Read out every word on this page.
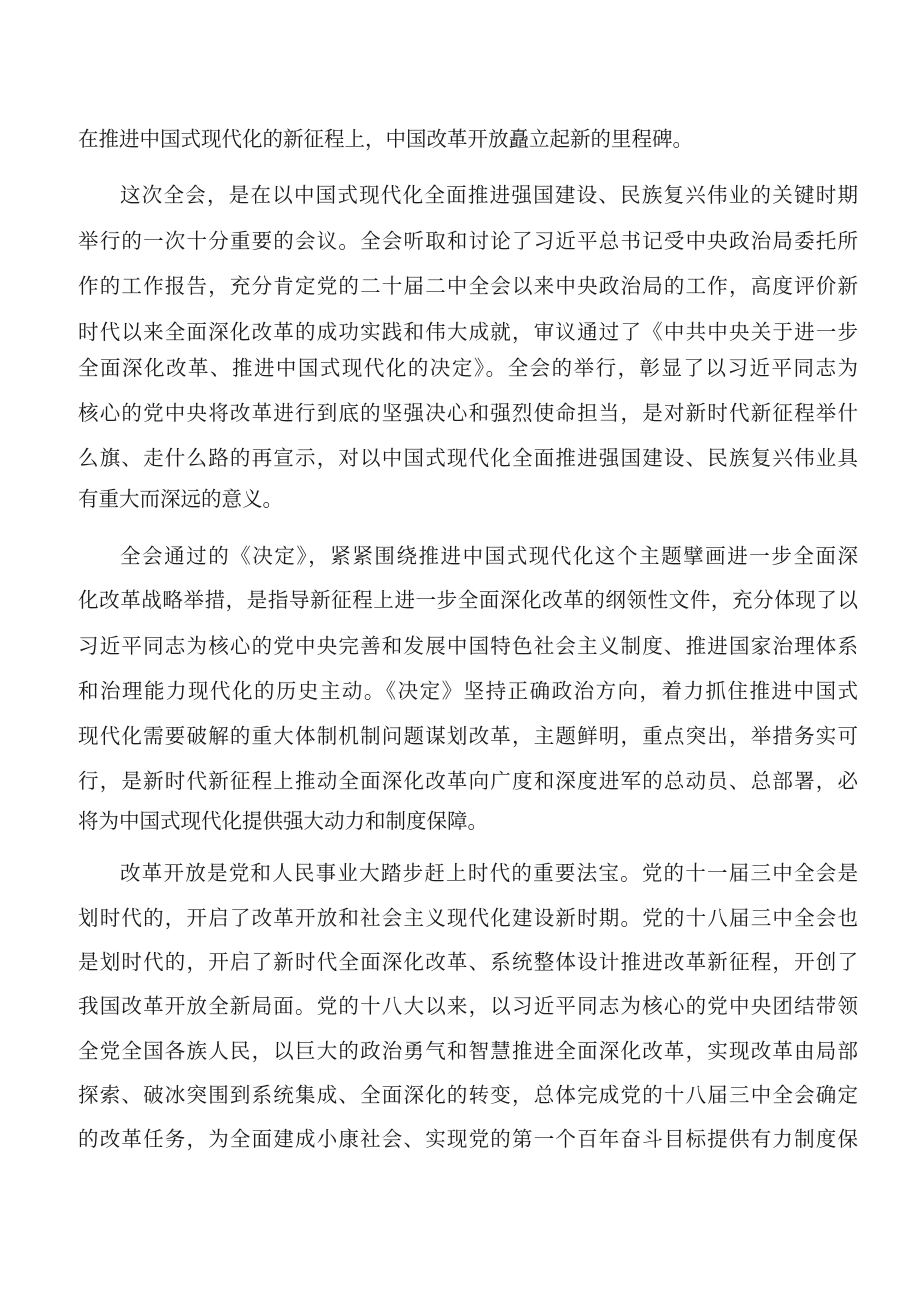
在推进中国式现代化的新征程上，中国改革开放矗立起新的里程碑。

这次全会，是在以中国式现代化全面推进强国建设、民族复兴伟业的关键时期

举行的一次十分重要的会议。全会听取和讨论了习近平总书记受中央政治局委托所

作的工作报告，充分肯定党的二十届二中全会以来中央政治局的工作，高度评价新

时代以来全面深化改革的成功实践和伟大成就，审议通过了《中共中央关于进一步

全面深化改革、推进中国式现代化的决定》。全会的举行，彰显了以习近平同志为

核心的党中央将改革进行到底的坚强决心和强烈使命担当，是对新时代新征程举什

么旗、走什么路的再宣示，对以中国式现代化全面推进强国建设、民族复兴伟业具

有重大而深远的意义。

全会通过的《决定》，紧紧围绕推进中国式现代化这个主题擘画进一步全面深

化改革战略举措，是指导新征程上进一步全面深化改革的纲领性文件，充分体现了以

习近平同志为核心的党中央完善和发展中国特色社会主义制度、推进国家治理体系

和治理能力现代化的历史主动。《决定》坚持正确政治方向，着力抓住推进中国式

现代化需要破解的重大体制机制问题谋划改革，主题鲜明，重点突出，举措务实可

行，是新时代新征程上推动全面深化改革向广度和深度进军的总动员、总部署，必

将为中国式现代化提供强大动力和制度保障。

改革开放是党和人民事业大踏步赶上时代的重要法宝。党的十一届三中全会是

划时代的，开启了改革开放和社会主义现代化建设新时期。党的十八届三中全会也

是划时代的，开启了新时代全面深化改革、系统整体设计推进改革新征程，开创了

我国改革开放全新局面。党的十八大以来，以习近平同志为核心的党中央团结带领

全党全国各族人民，以巨大的政治勇气和智慧推进全面深化改革，实现改革由局部

探索、破冰突围到系统集成、全面深化的转变，总体完成党的十八届三中全会确定

的改革任务，为全面建成小康社会、实现党的第一个百年奋斗目标提供有力制度保
